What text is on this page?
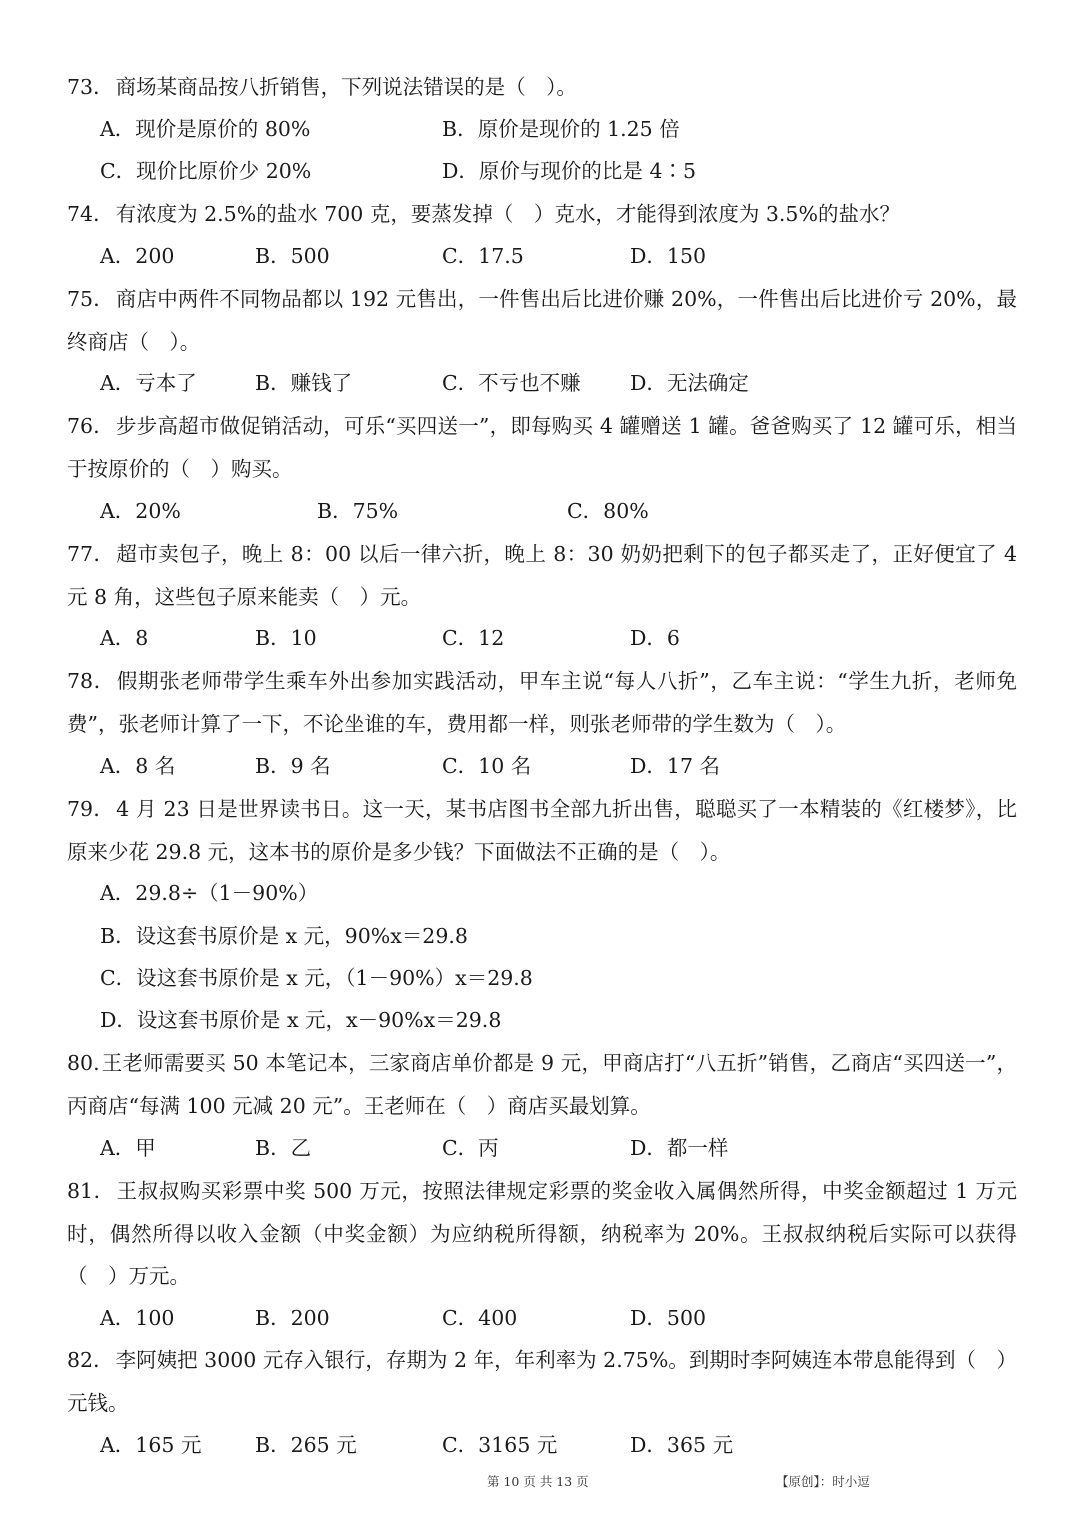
73．商场某商品按八折销售，下列说法错误的是（　）。
A．现价是原价的 80%	B．原价是现价的 1.25 倍
C．现价比原价少 20%	D．原价与现价的比是 4∶5
74．有浓度为 2.5%的盐水 700 克，要蒸发掉（　）克水，才能得到浓度为 3.5%的盐水？
A．200	B．500	C．17.5	D．150
75．商店中两件不同物品都以 192 元售出，一件售出后比进价赚 20%，一件售出后比进价亏 20%，最终商店（　）。
A．亏本了	B．赚钱了	C．不亏也不赚 D．无法确定
76．步步高超市做促销活动，可乐“买四送一”，即每购买 4 罐赠送 1 罐。爸爸购买了 12 罐可乐，相当于按原价的（　）购买。
A．20%	B．75%	C．80%
77．超市卖包子，晚上 8：00 以后一律六折，晚上 8：30 奶奶把剩下的包子都买走了，正好便宜了 4 元 8 角，这些包子原来能卖（　）元。
A．8	B．10	C．12	D．6
78．假期张老师带学生乘车外出参加实践活动，甲车主说“每人八折”，乙车主说：“学生九折，老师免费”，张老师计算了一下，不论坐谁的车，费用都一样，则张老师带的学生数为（　）。
A．8 名	B．9 名	C．10 名	D．17 名
79．4 月 23 日是世界读书日。这一天，某书店图书全部九折出售，聪聪买了一本精装的《红楼梦》，比原来少花 29.8 元，这本书的原价是多少钱？下面做法不正确的是（　）。
A．29.8÷（1－90%）
B．设这套书原价是 x 元，90%x＝29.8
C．设这套书原价是 x 元，（1－90%）x＝29.8
D．设这套书原价是 x 元，x－90%x＝29.8
80.王老师需要买 50 本笔记本，三家商店单价都是 9 元，甲商店打“八五折”销售，乙商店“买四送一”，丙商店“每满 100 元减 20 元”。王老师在（　）商店买最划算。
A．甲	B．乙	C．丙	D．都一样
81．王叔叔购买彩票中奖 500 万元，按照法律规定彩票的奖金收入属偶然所得，中奖金额超过 1 万元时，偶然所得以收入金额（中奖金额）为应纳税所得额，纳税率为 20%。王叔叔纳税后实际可以获得（　）万元。
A．100	B．200	C．400	D．500
82．李阿姨把 3000 元存入银行，存期为 2 年，年利率为 2.75%。到期时李阿姨连本带息能得到（　）元钱。
A．165 元	B．265 元	C．3165 元	D．365 元
第 10 页 共 13 页	【原创】：时小逗
